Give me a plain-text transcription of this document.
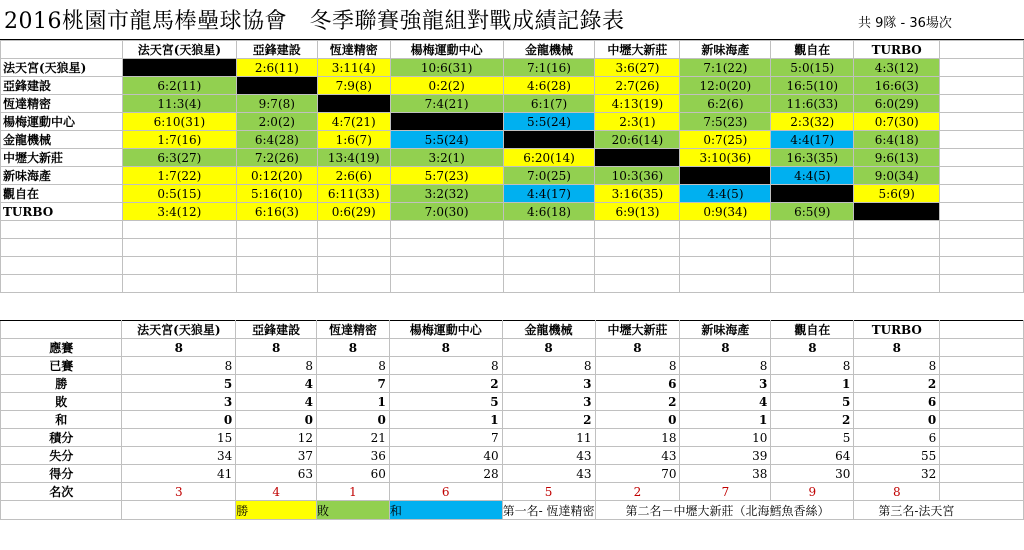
2016桃園市龍馬棒壘球協會　冬季聯賽強龍組對戰成績記錄表	共 9隊 - 36場次
	法天宮(天狼星)	亞鋒建設	恆達精密	楊梅運動中心	金龍機械	中壢大新莊	新味海產	觀自在	TURBO	
法天宮(天狼星)		2:6(11)	3:11(4)	10:6(31)	7:1(16)	3:6(27)	7:1(22)	5:0(15)	4:3(12)	
亞鋒建設	6:2(11)		7:9(8)	0:2(2)	4:6(28)	2:7(26)	12:0(20)	16:5(10)	16:6(3)	
恆達精密	11:3(4)	9:7(8)		7:4(21)	6:1(7)	4:13(19)	6:2(6)	11:6(33)	6:0(29)	
楊梅運動中心	6:10(31)	2:0(2)	4:7(21)		5:5(24)	2:3(1)	7:5(23)	2:3(32)	0:7(30)	
金龍機械	1:7(16)	6:4(28)	1:6(7)	5:5(24)		20:6(14)	0:7(25)	4:4(17)	6:4(18)	
中壢大新莊	6:3(27)	7:2(26)	13:4(19)	3:2(1)	6:20(14)		3:10(36)	16:3(35)	9:6(13)	
新味海產	1:7(22)	0:12(20)	2:6(6)	5:7(23)	7:0(25)	10:3(36)		4:4(5)	9:0(34)	
觀自在	0:5(15)	5:16(10)	6:11(33)	3:2(32)	4:4(17)	3:16(35)	4:4(5)		5:6(9)	
TURBO	3:4(12)	6:16(3)	0:6(29)	7:0(30)	4:6(18)	6:9(13)	0:9(34)	6:5(9)		

	法天宮(天狼星)	亞鋒建設	恆達精密	楊梅運動中心	金龍機械	中壢大新莊	新味海產	觀自在	TURBO	
應賽	8	8	8	8	8	8	8	8	8	
已賽	8	8	8	8	8	8	8	8	8	
勝	5	4	7	2	3	6	3	1	2	
敗	3	4	1	5	3	2	4	5	6	
和	0	0	0	1	2	0	1	2	0	
積分	15	12	21	7	11	18	10	5	6	
失分	34	37	36	40	43	43	39	64	55	
得分	41	63	60	28	43	70	38	30	32	
名次	3	4	1	6	5	2	7	9	8	
		勝	敗	和	第一名- 恆達精密	第二名－中壢大新莊（北海鱈魚香絲）			第三名-法天宮	
